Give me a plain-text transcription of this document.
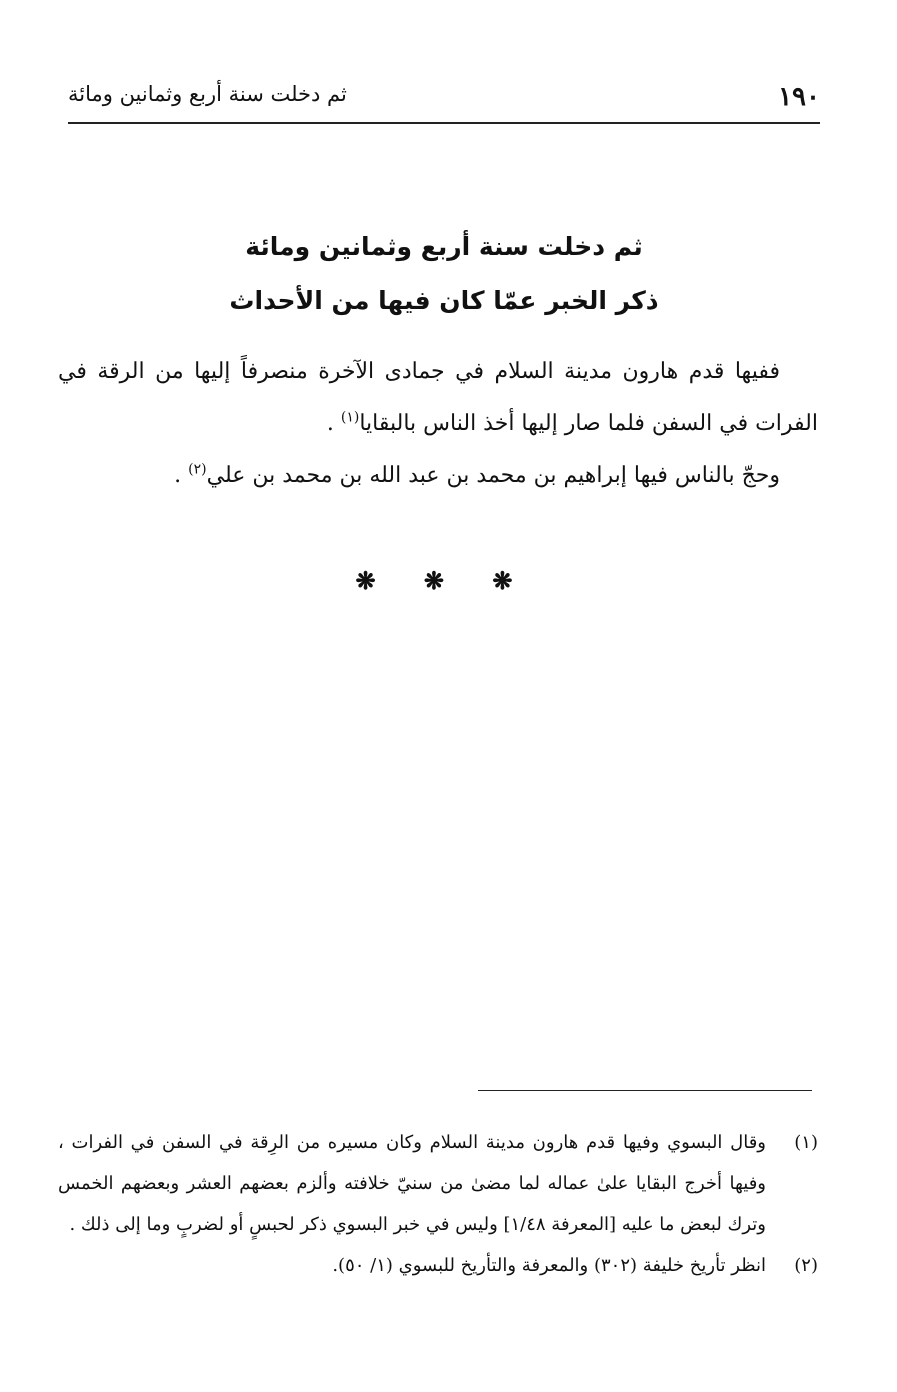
١٩٠
ثم دخلت سنة أربع وثمانين ومائة
ثم دخلت سنة أربع وثمانين ومائة
ذكر الخبر عمّا كان فيها من الأحداث

ففيها قدم هارون مدينة السلام في جمادى الآخرة منصرفاً إليها من الرقة في الفرات في السفن فلما صار إليها أخذ الناس بالبقايا$^{(١)}$ .

وحجّ بالناس فيها إبراهيم بن محمد بن عبد الله بن محمد بن علي$^{(٢)}$ .

❋ ❋ ❋
(١)
وقال البسوي وفيها قدم هارون مدينة السلام وكان مسيره من الرِقة في السفن في الفرات ، وفيها أخرج البقايا علىٰ عماله لما مضىٰ من سنيّ خلافته وألزم بعضهم العشر وبعضهم الخمس وترك لبعض ما عليه [المعرفة ١/٤٨] وليس في خبر البسوي ذكر لحبسٍ أو لضربٍ وما إلى ذلك .
(٢)
انظر تأريخ خليفة (٣٠٢) والمعرفة والتأريخ للبسوي (١/ ٥٠).
